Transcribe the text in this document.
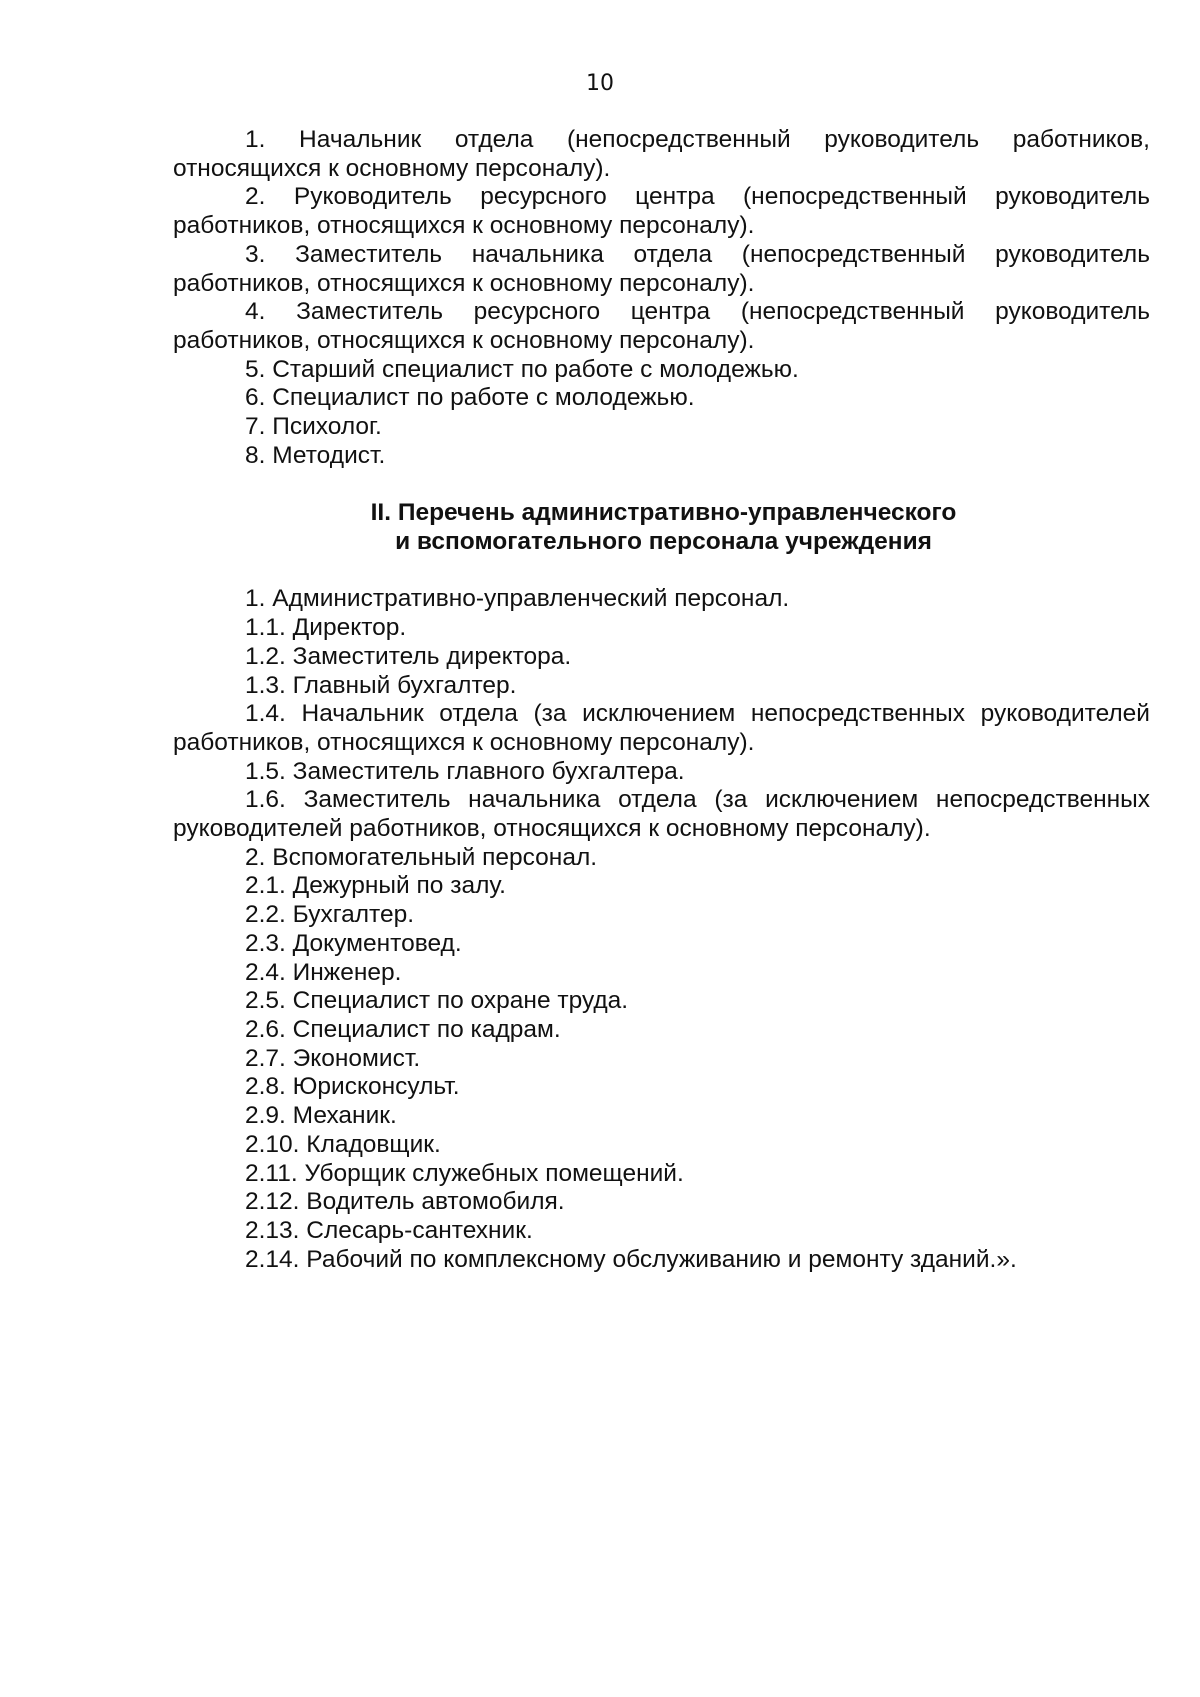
10

1. Начальник отдела (непосредственный руководитель работников, относящихся к основному персоналу).

2. Руководитель ресурсного центра (непосредственный руководитель работников, относящихся к основному персоналу).

3. Заместитель начальника отдела (непосредственный руководитель работников, относящихся к основному персоналу).

4. Заместитель ресурсного центра (непосредственный руководитель работников, относящихся к основному персоналу).

5. Старший специалист по работе с молодежью.

6. Специалист по работе с молодежью.

7. Психолог.

8. Методист.

II. Перечень административно-управленческого
и вспомогательного персонала учреждения

1. Административно-управленческий персонал.

1.1. Директор.

1.2. Заместитель директора.

1.3. Главный бухгалтер.

1.4. Начальник отдела (за исключением непосредственных руководителей работников, относящихся к основному персоналу).

1.5. Заместитель главного бухгалтера.

1.6. Заместитель начальника отдела (за исключением непосредственных руководителей работников, относящихся к основному персоналу).

2. Вспомогательный персонал.

2.1. Дежурный по залу.

2.2. Бухгалтер.

2.3. Документовед.

2.4. Инженер.

2.5. Специалист по охране труда.

2.6. Специалист по кадрам.

2.7. Экономист.

2.8. Юрисконсульт.

2.9. Механик.

2.10. Кладовщик.

2.11. Уборщик служебных помещений.

2.12. Водитель автомобиля.

2.13. Слесарь-сантехник.

2.14. Рабочий по комплексному обслуживанию и ремонту зданий.».
